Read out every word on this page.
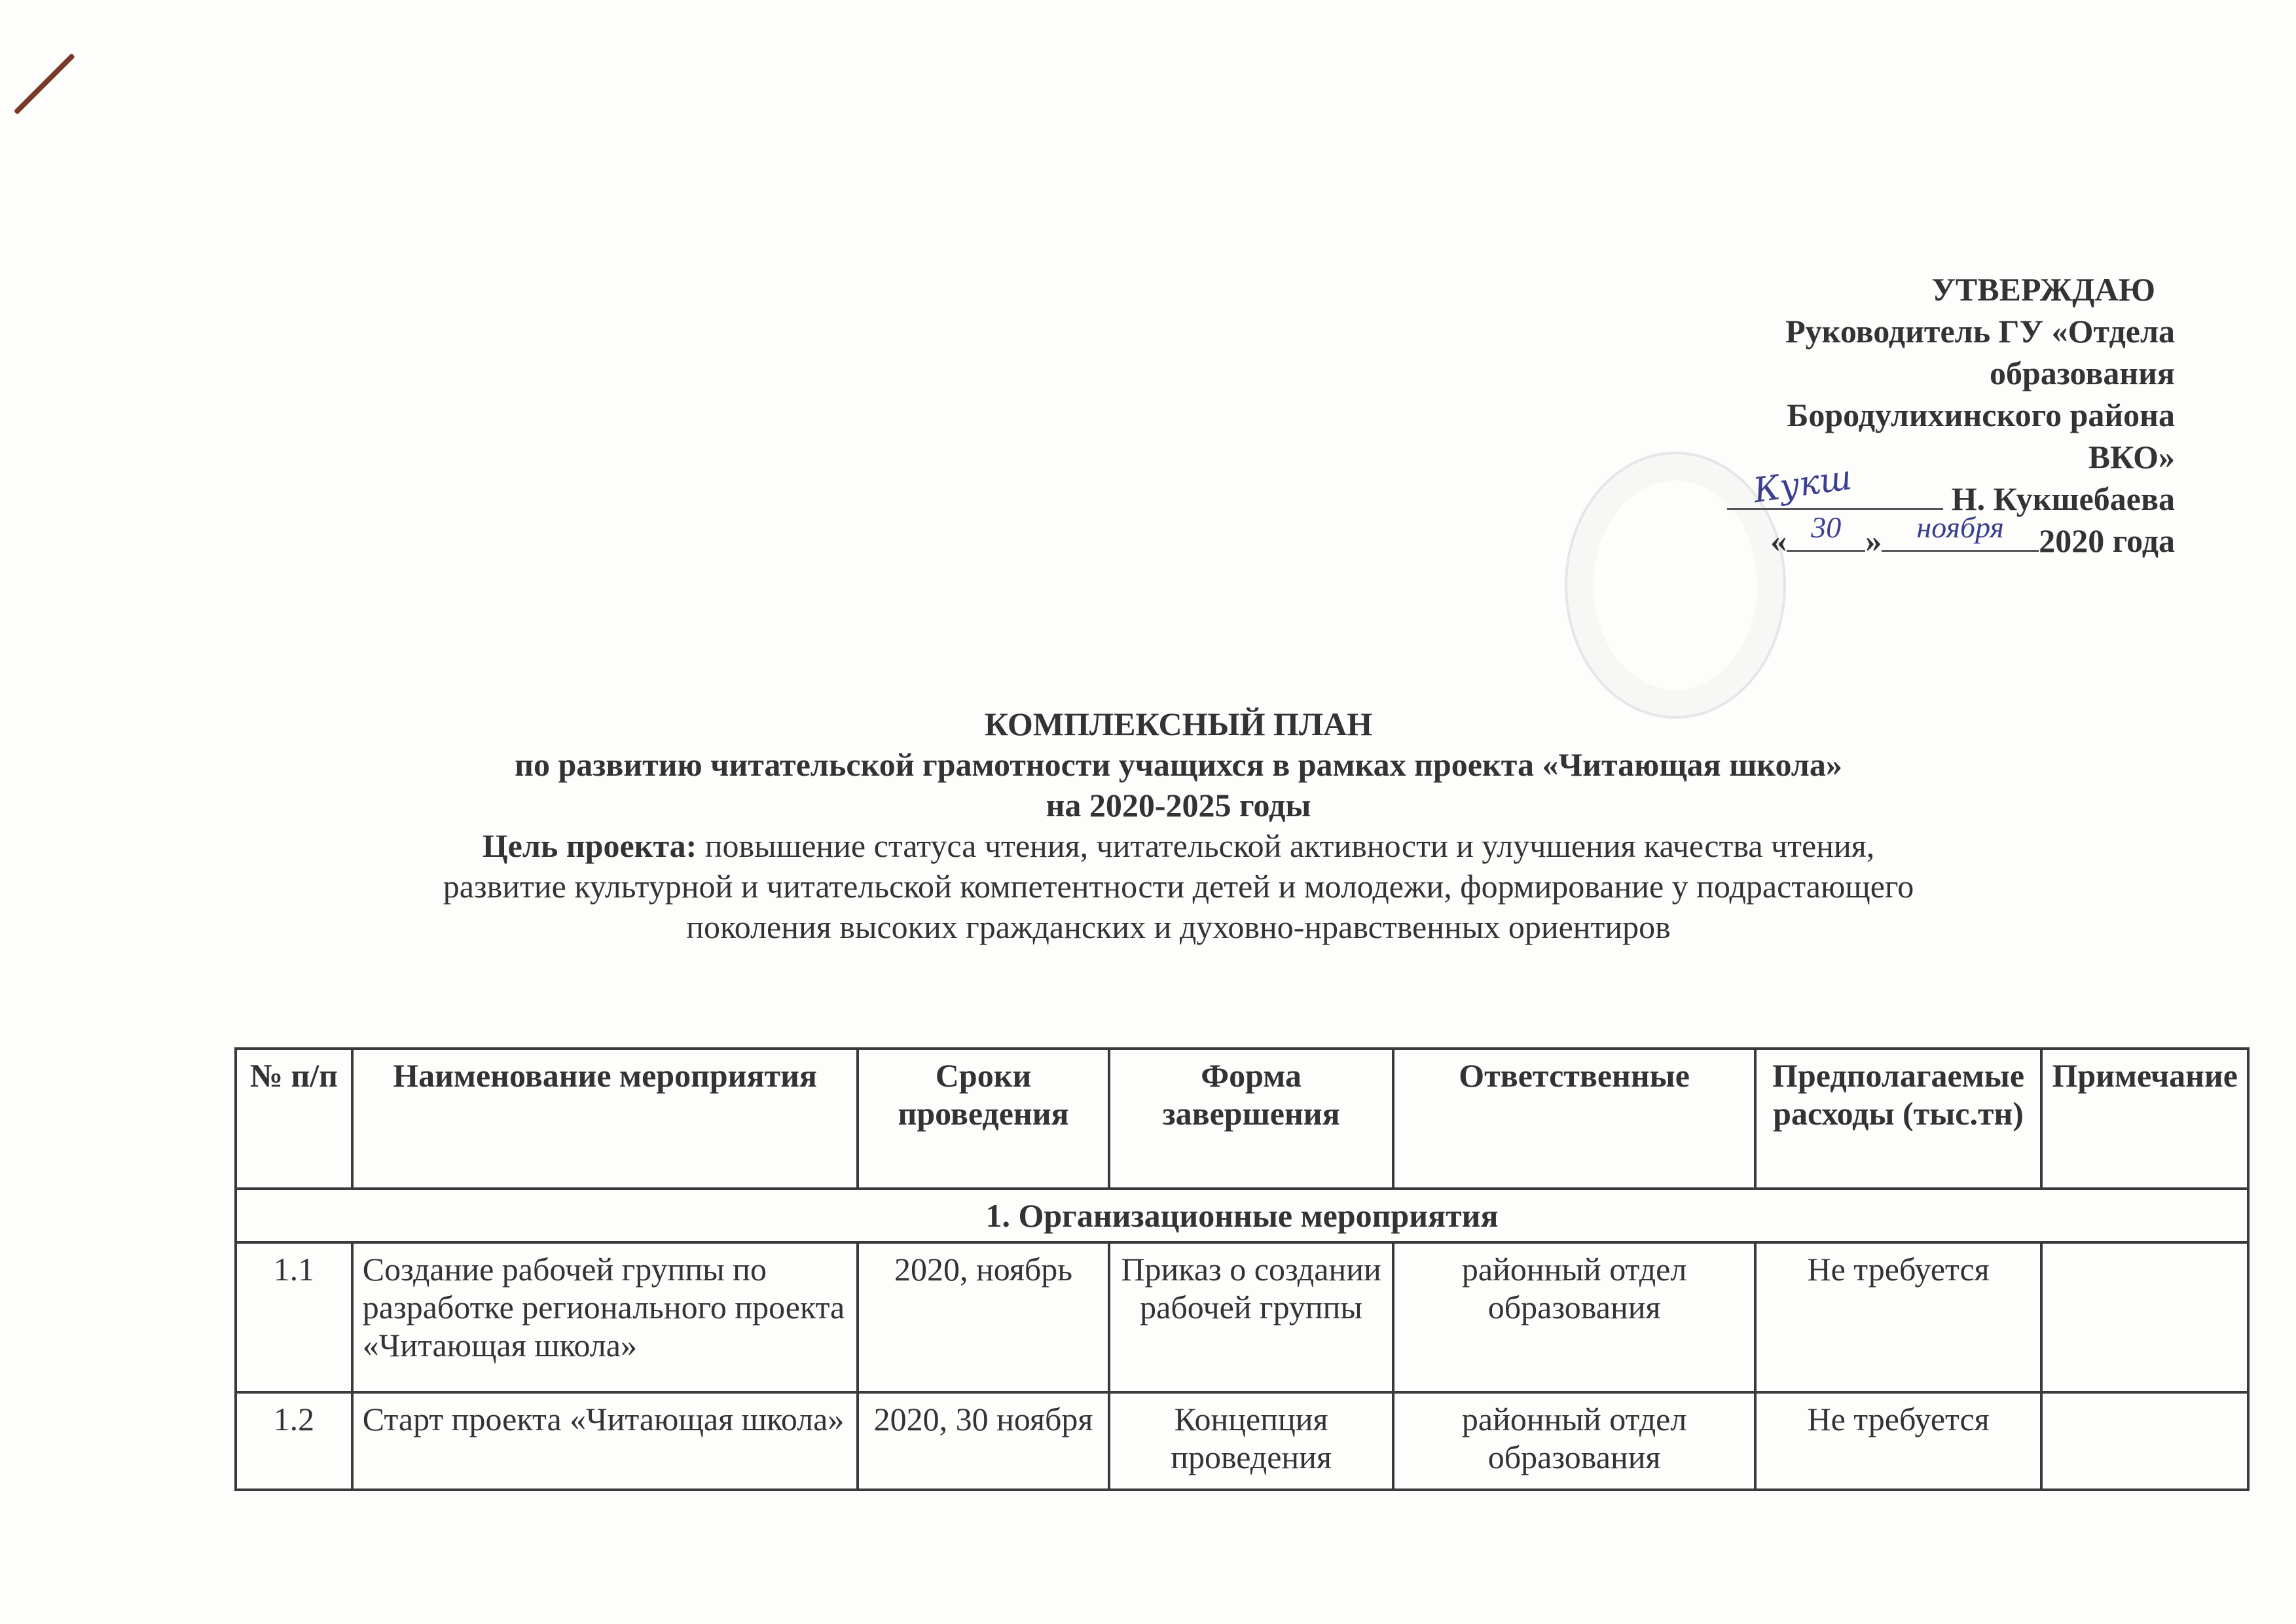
УТВЕРЖДАЮ
Руководитель ГУ «Отдела
образования
Бородулихинского района
ВКО»
Кукш	Н. Кукшебаева
« 30 »	ноября	2020 года
КОМПЛЕКСНЫЙ ПЛАН
по развитию читательской грамотности учащихся в рамках проекта «Читающая школа»
на 2020-2025 годы
Цель проекта: повышение статуса чтения, читательской активности и улучшения качества чтения,
развитие культурной и читательской компетентности детей и молодежи, формирование у подрастающего
поколения высоких гражданских и духовно-нравственных ориентиров
№ п/п	Наименование мероприятия	Сроки проведения	Форма завершения	Ответственные	Предполагаемые расходы (тыс.тн)	Примечание
1. Организационные мероприятия						
1.1	Создание рабочей группы по разработке регионального проекта «Читающая школа»	2020, ноябрь	Приказ о создании рабочей группы	районный отдел образования	Не требуется	
1.2	Старт проекта «Читающая школа»	2020, 30 ноября	Концепция проведения	районный отдел образования	Не требуется	
